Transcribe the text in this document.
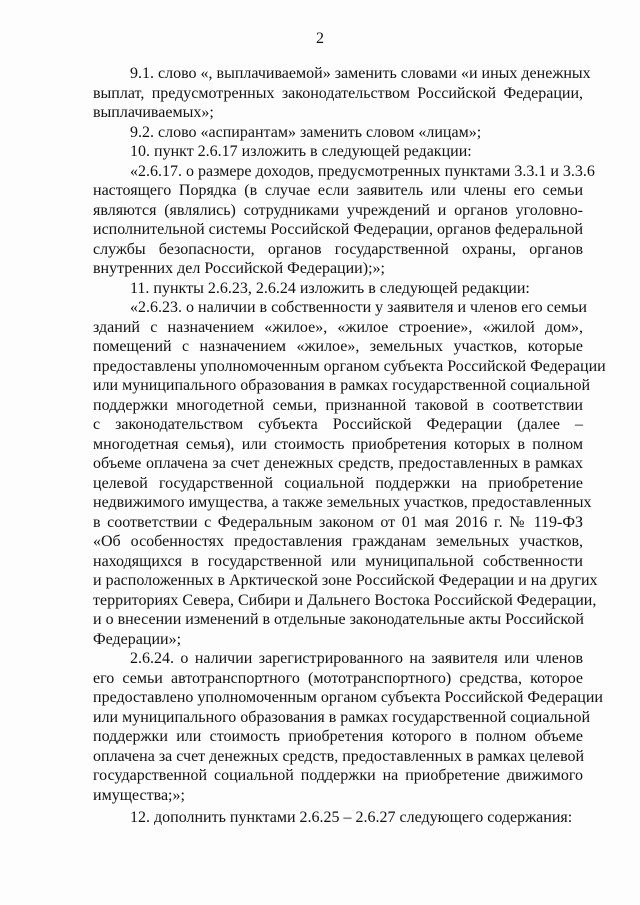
2
9.1. слово «, выплачиваемой» заменить словами «и иных денежных
выплат, предусмотренных законодательством Российской Федерации,
выплачиваемых»;
9.2. слово «аспирантам» заменить словом «лицам»;
10. пункт 2.6.17 изложить в следующей редакции:
«2.6.17. о размере доходов, предусмотренных пунктами 3.3.1 и 3.3.6
настоящего Порядка (в случае если заявитель или члены его семьи
являются (являлись) сотрудниками учреждений и органов уголовно-
исполнительной системы Российской Федерации, органов федеральной
службы безопасности, органов государственной охраны, органов
внутренних дел Российской Федерации);»;
11. пункты 2.6.23, 2.6.24 изложить в следующей редакции:
«2.6.23. о наличии в собственности у заявителя и членов его семьи
зданий с назначением «жилое», «жилое строение», «жилой дом»,
помещений с назначением «жилое», земельных участков, которые
предоставлены уполномоченным органом субъекта Российской Федерации
или муниципального образования в рамках государственной социальной
поддержки многодетной семьи, признанной таковой в соответствии
с законодательством субъекта Российской Федерации (далее –
многодетная семья), или стоимость приобретения которых в полном
объеме оплачена за счет денежных средств, предоставленных в рамках
целевой государственной социальной поддержки на приобретение
недвижимого имущества, а также земельных участков, предоставленных
в соответствии с Федеральным законом от 01 мая 2016 г. № 119-ФЗ
«Об особенностях предоставления гражданам земельных участков,
находящихся в государственной или муниципальной собственности
и расположенных в Арктической зоне Российской Федерации и на других
территориях Севера, Сибири и Дальнего Востока Российской Федерации,
и о внесении изменений в отдельные законодательные акты Российской
Федерации»;
2.6.24. о наличии зарегистрированного на заявителя или членов
его семьи автотранспортного (мототранспортного) средства, которое
предоставлено уполномоченным органом субъекта Российской Федерации
или муниципального образования в рамках государственной социальной
поддержки или стоимость приобретения которого в полном объеме
оплачена за счет денежных средств, предоставленных в рамках целевой
государственной социальной поддержки на приобретение движимого
имущества;»;
12. дополнить пунктами 2.6.25 – 2.6.27 следующего содержания:
